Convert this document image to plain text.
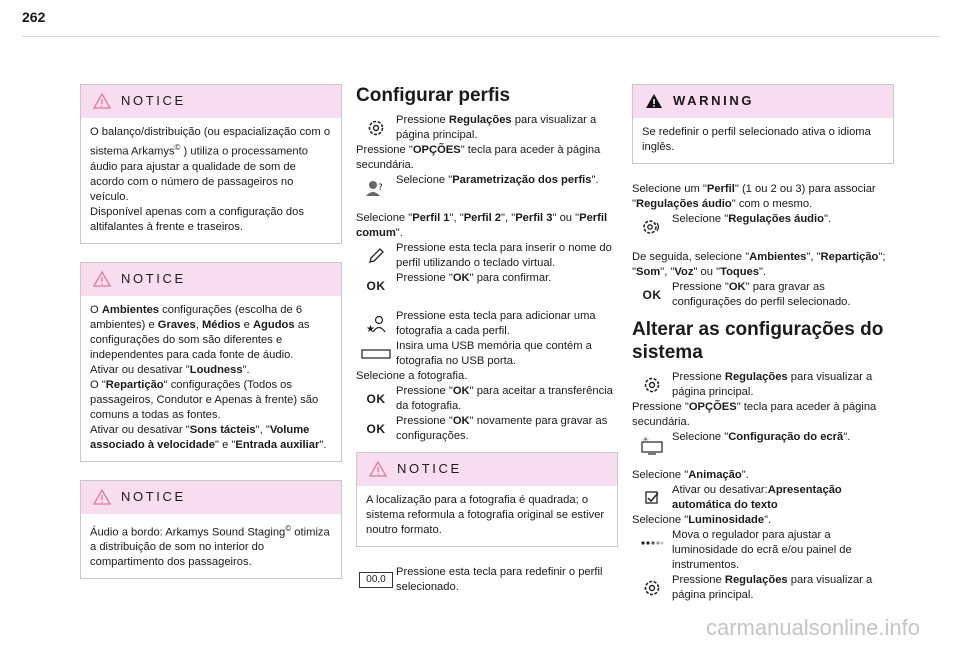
262
NOTICE
O balanço/distribuição (ou espacialização com o sistema Arkamys© ) utiliza o processamento áudio para ajustar a qualidade de som de acordo com o número de passageiros no veículo.
Disponível apenas com a configuração dos altifalantes à frente e traseiros.
NOTICE
O Ambientes configurações (escolha de 6 ambientes) e Graves, Médios e Agudos as configurações do som são diferentes e independentes para cada fonte de áudio.
Ativar ou desativar "Loudness".
O "Repartição" configurações (Todos os passageiros, Condutor e Apenas à frente) são comuns a todas as fontes.
Ativar ou desativar "Sons tácteis", "Volume associado à velocidade" e "Entrada auxiliar".
NOTICE
Áudio a bordo: Arkamys Sound Staging© otimiza a distribuição de som no interior do compartimento dos passageiros.
Configurar perfis
Pressione Regulações para visualizar a página principal.

Pressione "OPÇÕES" tecla para aceder à página secundária.

?
Selecione "Parametrização dos perfis".

Selecione "Perfil 1", "Perfil 2", "Perfil 3" ou "Perfil comum".

Pressione esta tecla para inserir o nome do perfil utilizando o teclado virtual.
OK
Pressione "OK" para confirmar.
★
Pressione esta tecla para adicionar uma fotografia a cada perfil.
Insira uma USB memória que contém a fotografia no USB porta.

Selecione a fotografia.

OK
Pressione "OK" para aceitar a transferência da fotografia.
OK
Pressione "OK" novamente para gravar as configurações.
NOTICE
A localização para a fotografia é quadrada; o sistema reformula a fotografia original se estiver noutro formato.
00,0
Pressione esta tecla para redefinir o perfil selecionado.
WARNING
Se redefinir o perfil selecionado ativa o idioma inglês.

Selecione um "Perfil" (1 ou 2 ou 3) para associar "Regulações áudio" com o mesmo.

Selecione "Regulações áudio".

De seguida, selecione "Ambientes", "Repartição"; "Som", "Voz" ou "Toques".

OK
Pressione "OK" para gravar as configurações do perfil selecionado.
Alterar as configurações do sistema
Pressione Regulações para visualizar a página principal.

Pressione "OPÇÕES" tecla para aceder à página secundária.

☀ Selecione "Configuração do ecrã".

Selecione "Animação".

Ativar ou desativar:Apresentação automática do texto

Selecione "Luminosidade".

Mova o regulador para ajustar a luminosidade do ecrã e/ou painel de instrumentos.
Pressione Regulações para visualizar a página principal.
carmanualsonline.info
